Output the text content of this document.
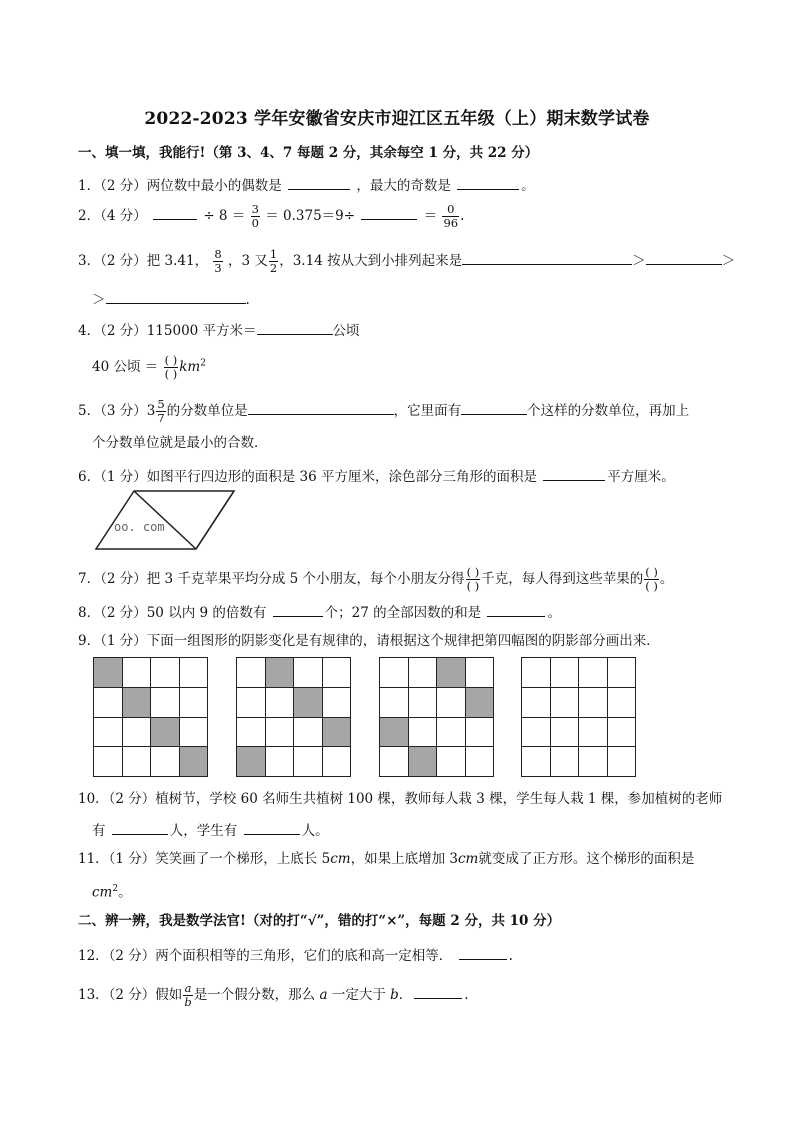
2022-2023 学年安徽省安庆市迎江区五年级（上）期末数学试卷
一、填一填，我能行!（第 3、4、7 每题 2 分，其余每空 1 分，共 22 分）
1．（2 分）两位数中最小的偶数是	，最大的奇数是	。
2．（4 分）	÷ $8 = \frac{3}{0} = 0.375=9\div$	＝ $\frac{0}{96}$ .
3．（2 分）把 3.41， $\frac{8}{3}$ ，3 又 $\frac{1}{2}$ ，3.14 按从大到小排列起来是	＞	＞
＞	.
4．（2 分）115000 平方米＝	公顷
40 公顷 ＝ $\frac{( )}{( )} km^2$
5．（3 分）$3 \frac{5}{7}$ 的分数单位是	，它里面有	个这样的分数单位，再加上
个分数单位就是最小的合数．
6．（1 分）如图平行四边形的面积是 36 平方厘米，涂色部分三角形的面积是	平方厘米。
oo. com
7．（2 分）把 3 千克苹果平均分成 5 个小朋友，每个小朋友分得 $\frac{( )}{( )}$ 千克，每人得到这些苹果的 $\frac{( )}{( )}$ 。
8．（2 分）50 以内 9 的倍数有	个；27 的全部因数的和是	。
9．（1 分）下面一组图形的阴影变化是有规律的，请根据这个规律把第四幅图的阴影部分画出来．
10．（2 分）植树节，学校 60 名师生共植树 100 棵，教师每人栽 3 棵，学生每人栽 1 棵，参加植树的老师
有	人，学生有	人。
11．（1 分）笑笑画了一个梯形，上底长 5cm，如果上底增加 3cm就变成了正方形。这个梯形的面积是
$cm^2$。
二、辨一辨，我是数学法官!（对的打“√”，错的打“×”，每题 2 分，共 10 分）
12．（2 分）两个面积相等的三角形，它们的底和高一定相等．	.
13．（2 分）假如 $\frac{a}{b}$ 是一个假分数，那么 a 一定大于 b．	.
